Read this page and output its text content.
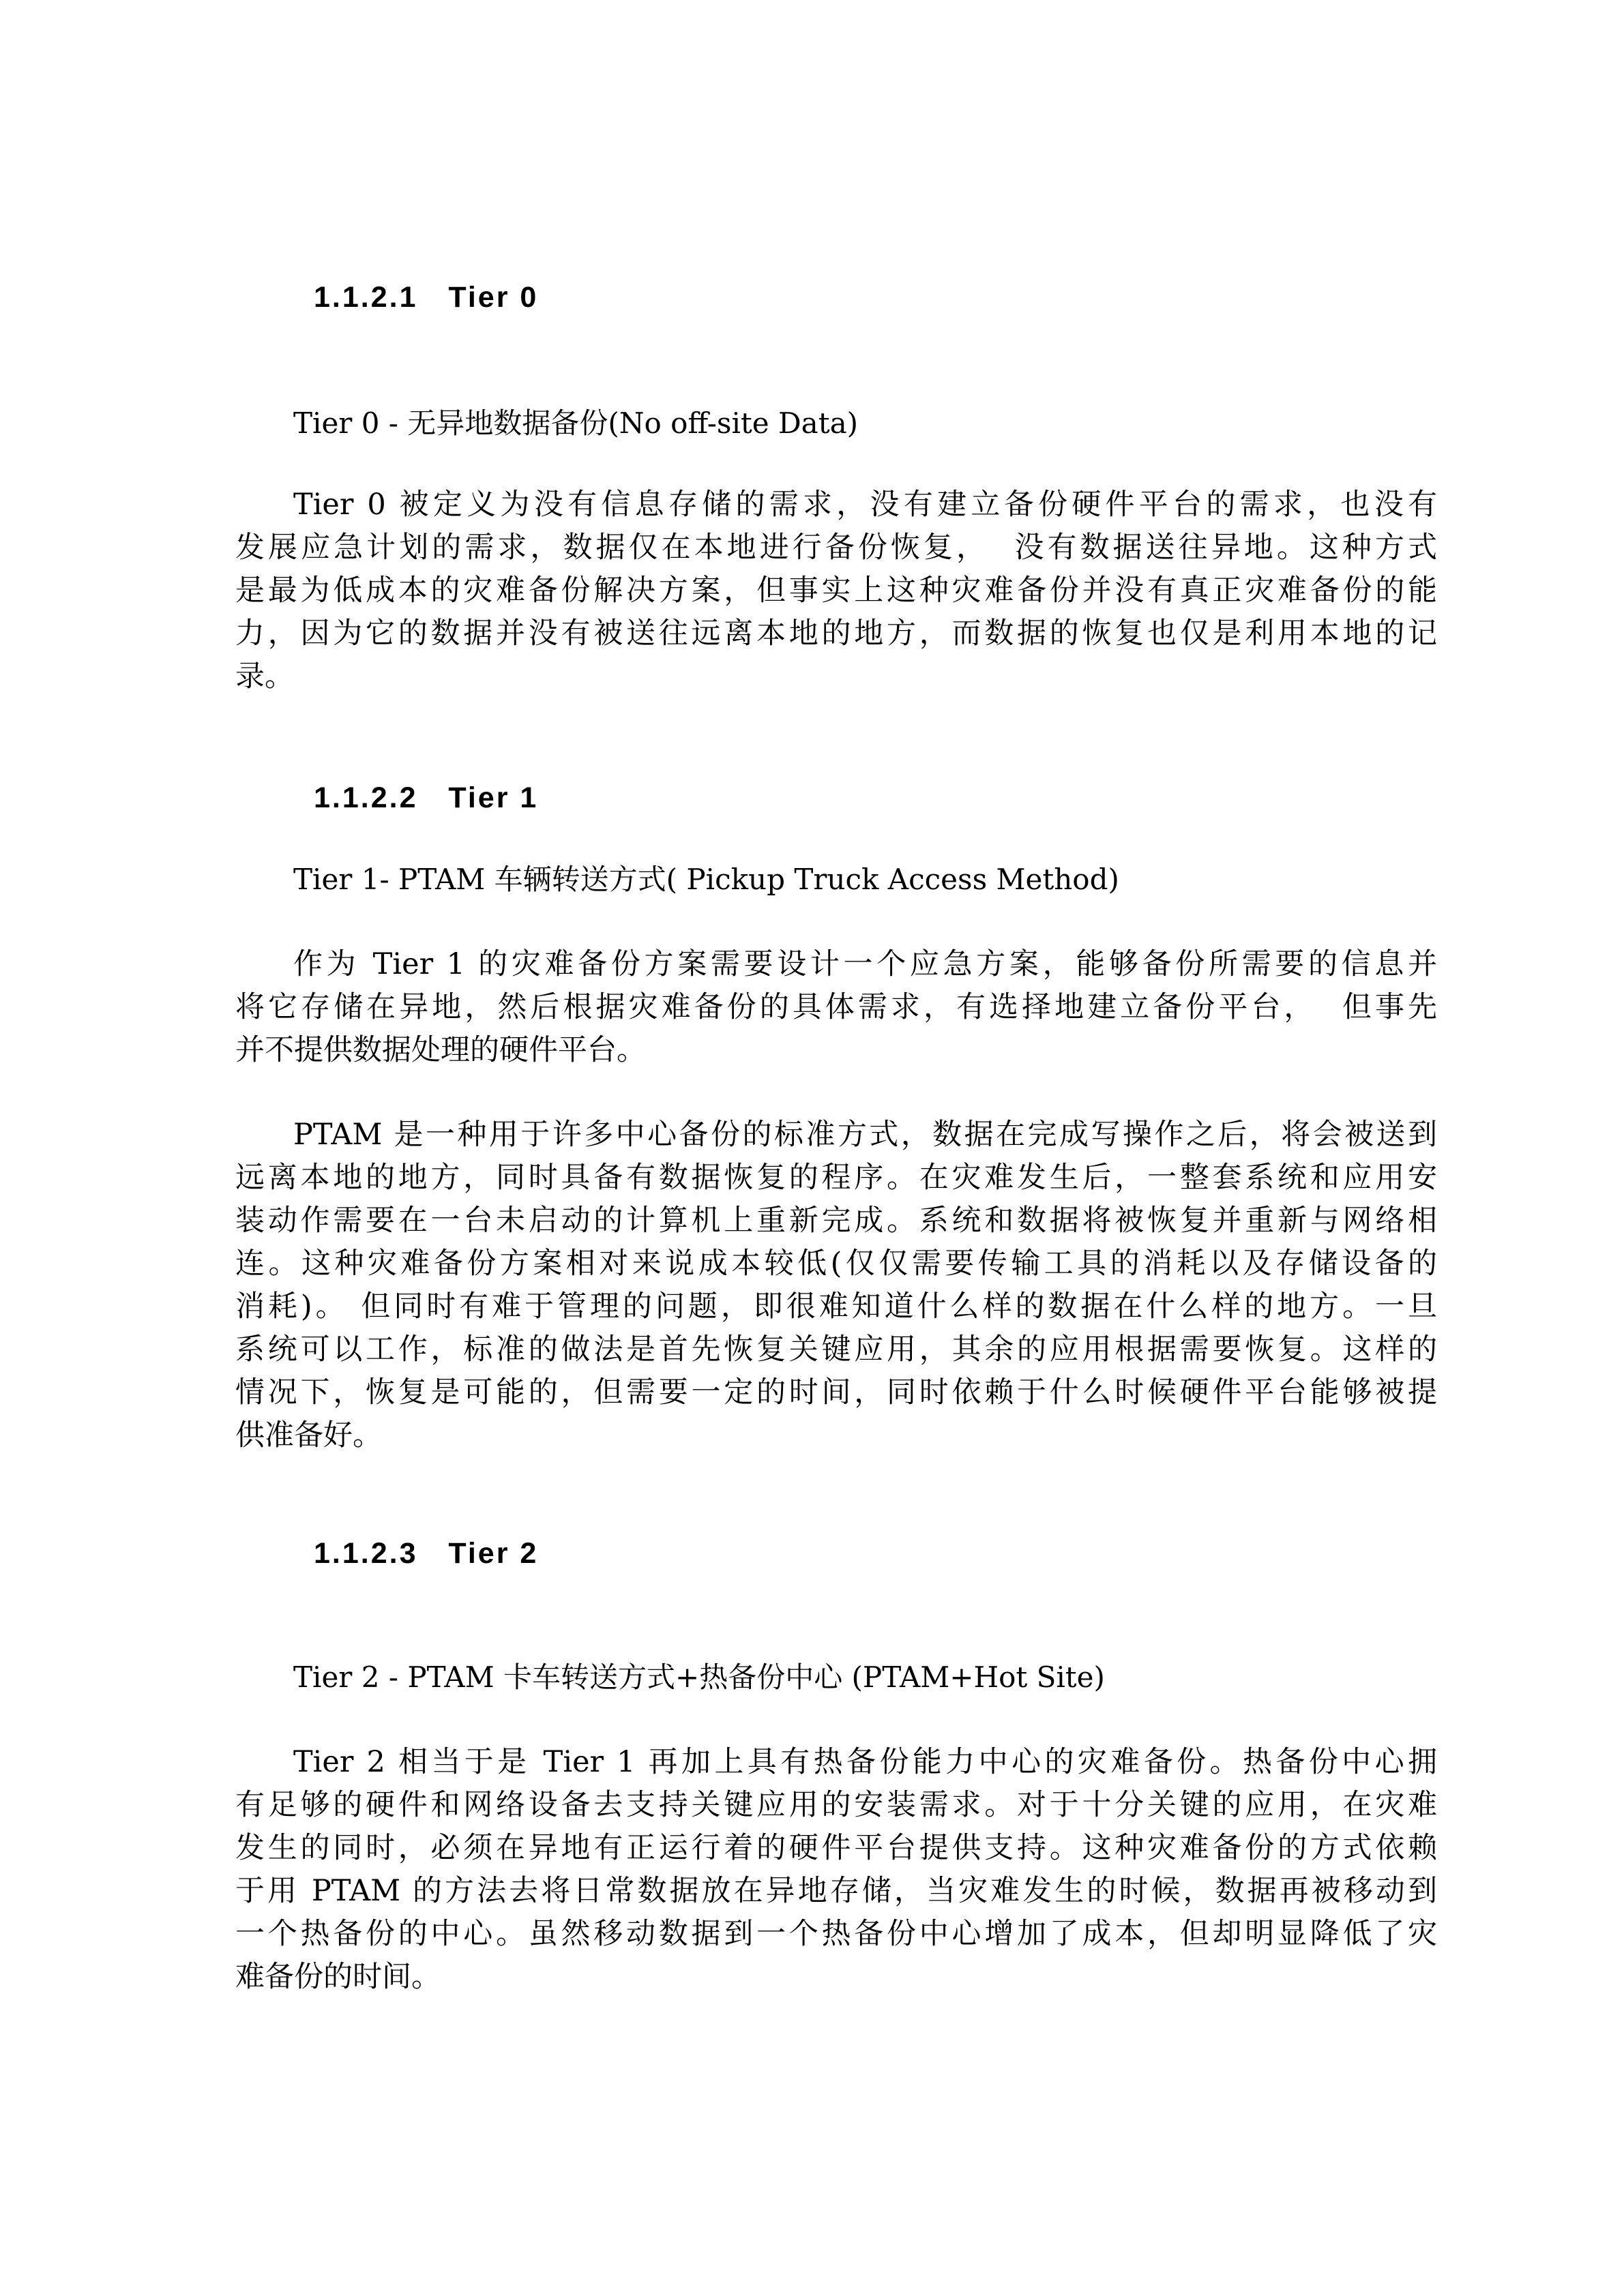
1.1.2.1   Tier 0
Tier 0 - 无异地数据备份(No off-site Data)
Tier 0 被定义为没有信息存储的需求，没有建立备份硬件平台的需求，也没有
发展应急计划的需求，数据仅在本地进行备份恢复，  没有数据送往异地。这种方式
是最为低成本的灾难备份解决方案，但事实上这种灾难备份并没有真正灾难备份的能
力，因为它的数据并没有被送往远离本地的地方，而数据的恢复也仅是利用本地的记
录。
1.1.2.2   Tier 1
Tier 1- PTAM 车辆转送方式( Pickup Truck Access Method)
作为 Tier 1 的灾难备份方案需要设计一个应急方案，能够备份所需要的信息并
将它存储在异地，然后根据灾难备份的具体需求，有选择地建立备份平台，  但事先
并不提供数据处理的硬件平台。
PTAM 是一种用于许多中心备份的标准方式，数据在完成写操作之后，将会被送到
远离本地的地方，同时具备有数据恢复的程序。在灾难发生后，一整套系统和应用安
装动作需要在一台未启动的计算机上重新完成。系统和数据将被恢复并重新与网络相
连。这种灾难备份方案相对来说成本较低(仅仅需要传输工具的消耗以及存储设备的
消耗)。 但同时有难于管理的问题，即很难知道什么样的数据在什么样的地方。一旦
系统可以工作，标准的做法是首先恢复关键应用，其余的应用根据需要恢复。这样的
情况下，恢复是可能的，但需要一定的时间，同时依赖于什么时候硬件平台能够被提
供准备好。
1.1.2.3   Tier 2
Tier 2 - PTAM 卡车转送方式+热备份中心 (PTAM+Hot Site)
Tier 2 相当于是 Tier 1 再加上具有热备份能力中心的灾难备份。热备份中心拥
有足够的硬件和网络设备去支持关键应用的安装需求。对于十分关键的应用，在灾难
发生的同时，必须在异地有正运行着的硬件平台提供支持。这种灾难备份的方式依赖
于用 PTAM 的方法去将日常数据放在异地存储，当灾难发生的时候，数据再被移动到
一个热备份的中心。虽然移动数据到一个热备份中心增加了成本，但却明显降低了灾
难备份的时间。
